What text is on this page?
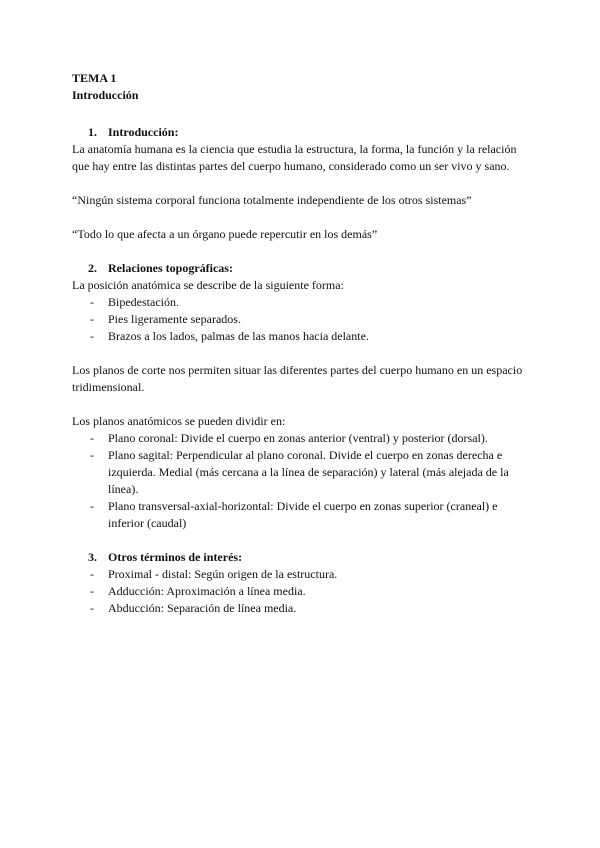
TEMA 1

Introducción

1. Introducción:

La anatomía humana es la ciencia que estudia la estructura, la forma, la función y la relación que hay entre las distintas partes del cuerpo humano, considerado como un ser vivo y sano.

“Ningún sistema corporal funciona totalmente independiente de los otros sistemas”

“Todo lo que afecta a un órgano puede repercutir en los demás”

2. Relaciones topográficas:

La posición anatómica se describe de la siguiente forma:

- Bipedestación.
- Pies ligeramente separados.
- Brazos a los lados, palmas de las manos hacia delante.

Los planos de corte nos permiten situar las diferentes partes del cuerpo humano en un espacio tridimensional.

Los planos anatómicos se pueden dividir en:

- Plano coronal: Divide el cuerpo en zonas anterior (ventral) y posterior (dorsal).
- Plano sagital: Perpendicular al plano coronal. Divide el cuerpo en zonas derecha e izquierda. Medial (más cercana a la línea de separación) y lateral (más alejada de la línea).
- Plano transversal-axial-horizontal: Divide el cuerpo en zonas superior (craneal) e inferior (caudal)
3. Otros términos de interés:
- Proximal - distal: Según origen de la estructura.
- Adducción: Aproximación a línea media.
- Abducción: Separación de línea media.
